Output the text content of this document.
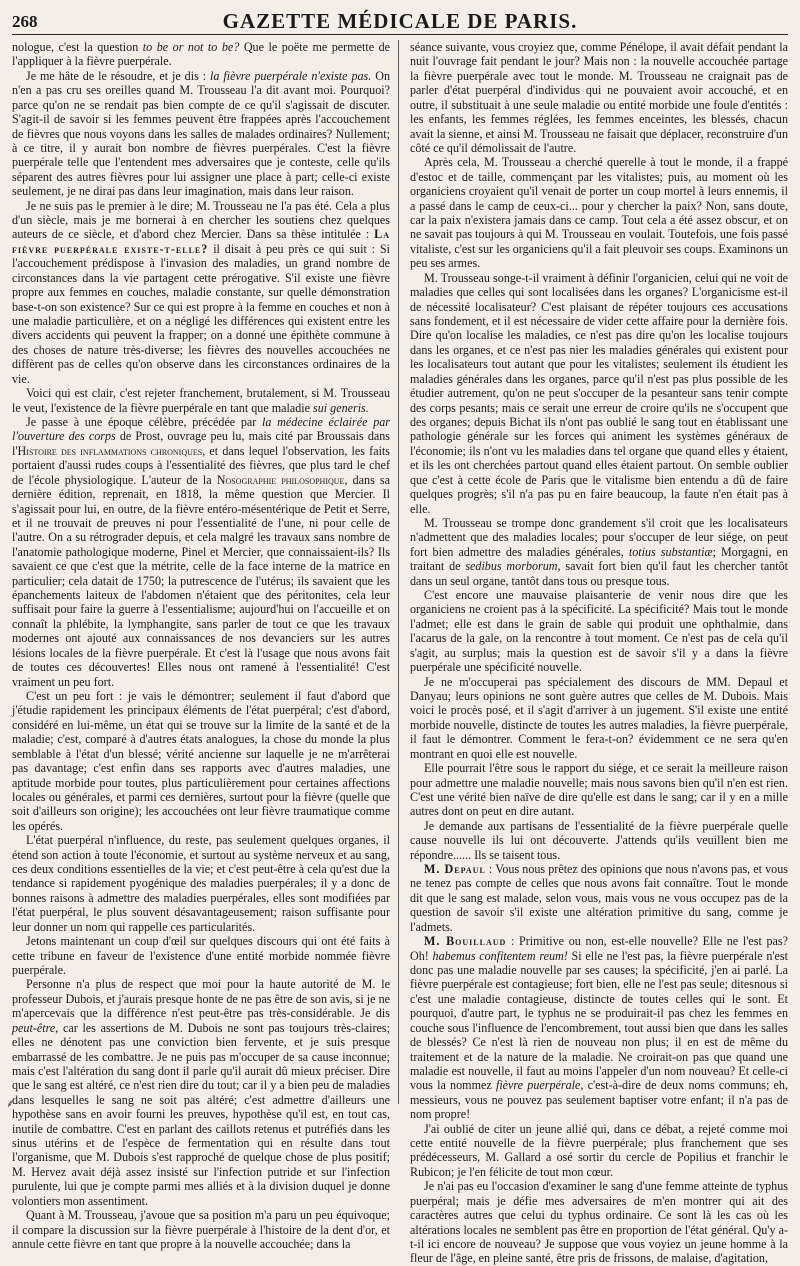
268	GAZETTE MÉDICALE DE PARIS.

nologue, c'est la question to be or not to be? Que le poëte me permette de l'appliquer à la fièvre puerpérale.

Je me hâte de le résoudre, et je dis : la fièvre puerpérale n'existe pas. On n'en a pas cru ses oreilles quand M. Trousseau l'a dit avant moi. Pourquoi? parce qu'on ne se rendait pas bien compte de ce qu'il s'agissait de discuter. S'agit-il de savoir si les femmes peuvent être frappées après l'accouchement de fièvres que nous voyons dans les salles de malades ordinaires? Nullement; à ce titre, il y aurait bon nombre de fièvres puerpérales. C'est la fièvre puerpérale telle que l'entendent mes adversaires que je conteste, celle qu'ils séparent des autres fièvres pour lui assigner une place à part; celle-ci existe seulement, je ne dirai pas dans leur imagination, mais dans leur raison.

Je ne suis pas le premier à le dire; M. Trousseau ne l'a pas été. Cela a plus d'un siècle, mais je me bornerai à en chercher les soutiens chez quelques auteurs de ce siècle, et d'abord chez Mercier. Dans sa thèse intitulée : La fièvre puerpérale existe-t-elle? il disait à peu près ce qui suit : Si l'accouchement prédispose à l'invasion des maladies, un grand nombre de circonstances dans la vie partagent cette prérogative. S'il existe une fièvre propre aux femmes en couches, maladie constante, sur quelle démonstration base-t-on son existence? Sur ce qui est propre à la femme en couches et non à une maladie particulière, et on a négligé les différences qui existent entre les divers accidents qui peuvent la frapper; on a donné une épithète commune à des choses de nature très-diverse; les fièvres des nouvelles accouchées ne diffèrent pas de celles qu'on observe dans les circonstances ordinaires de la vie.

Voici qui est clair, c'est rejeter franchement, brutalement, si M. Trousseau le veut, l'existence de la fièvre puerpérale en tant que maladie sui generis.

Je passe à une époque célèbre, précédée par la médecine éclairée par l'ouverture des corps de Prost, ouvrage peu lu, mais cité par Broussais dans l'Histoire des inflammations chroniques, et dans lequel l'observation, les faits portaient d'aussi rudes coups à l'essentialité des fièvres, que plus tard le chef de l'école physiologique. L'auteur de la Nosographie philosophique, dans sa dernière édition, reprenait, en 1818, la même question que Mercier. Il s'agissait pour lui, en outre, de la fièvre entéro-mésentérique de Petit et Serre, et il ne trouvait de preuves ni pour l'essentialité de l'une, ni pour celle de l'autre. On a su rétrograder depuis, et cela malgré les travaux sans nombre de l'anatomie pathologique moderne, Pinel et Mercier, que connaissaient-ils? Ils savaient ce que c'est que la métrite, celle de la face interne de la matrice en particulier; cela datait de 1750; la putrescence de l'utérus; ils savaient que les épanchements laiteux de l'abdomen n'étaient que des péritonites, cela leur suffisait pour faire la guerre à l'essentialisme; aujourd'hui on l'accueille et on connaît la phlébite, la lymphangite, sans parler de tout ce que les travaux modernes ont ajouté aux connaissances de nos devanciers sur les autres lésions locales de la fièvre puerpérale. Et c'est là l'usage que nous avons fait de toutes ces découvertes! Elles nous ont ramené à l'essentialité! C'est vraiment un peu fort.

C'est un peu fort : je vais le démontrer; seulement il faut d'abord que j'étudie rapidement les principaux éléments de l'état puerpéral; c'est d'abord, considéré en lui-même, un état qui se trouve sur la limite de la santé et de la maladie; c'est, comparé à d'autres états analogues, la chose du monde la plus semblable à l'état d'un blessé; vérité ancienne sur laquelle je ne m'arrêterai pas davantage; c'est enfin dans ses rapports avec d'autres maladies, une aptitude morbide pour toutes, plus particulièrement pour certaines affections locales ou générales, et parmi ces dernières, surtout pour la fièvre (quelle que soit d'ailleurs son origine); les accouchées ont leur fièvre traumatique comme les opérés.

L'état puerpéral n'influence, du reste, pas seulement quelques organes, il étend son action à toute l'économie, et surtout au système nerveux et au sang, ces deux conditions essentielles de la vie; et c'est peut-être à cela qu'est due la tendance si rapidement pyogénique des maladies puerpérales; il y a donc de bonnes raisons à admettre des maladies puerpérales, elles sont modifiées par l'état puerpéral, le plus souvent désavantageusement; raison suffisante pour leur donner un nom qui rappelle ces particularités.

Jetons maintenant un coup d'œil sur quelques discours qui ont été faits à cette tribune en faveur de l'existence d'une entité morbide nommée fièvre puerpérale.

Personne n'a plus de respect que moi pour la haute autorité de M. le professeur Dubois, et j'aurais presque honte de ne pas être de son avis, si je ne m'apercevais que la différence n'est peut-être pas très-considérable. Je dis peut-être, car les assertions de M. Dubois ne sont pas toujours très-claires; elles ne dénotent pas une conviction bien fervente, et je suis presque embarrassé de les combattre. Je ne puis pas m'occuper de sa cause inconnue; mais c'est l'altération du sang dont il parle qu'il aurait dû mieux préciser. Dire que le sang est altéré, ce n'est rien dire du tout; car il y a bien peu de maladies dans lesquelles le sang ne soit pas altéré; c'est admettre d'ailleurs une hypothèse sans en avoir fourni les preuves, hypothèse qu'il est, en tout cas, inutile de combattre. C'est en parlant des caillots retenus et putréfiés dans les sinus utérins et de l'espèce de fermentation qui en résulte dans tout l'organisme, que M. Dubois s'est rapproché de quelque chose de plus positif; M. Hervez avait déjà assez insisté sur l'infection putride et sur l'infection purulente, lui que je compte parmi mes alliés et à la division duquel je donne volontiers mon assentiment.

Quant à M. Trousseau, j'avoue que sa position m'a paru un peu équivoque; il compare la discussion sur la fièvre puerpérale à l'histoire de la dent d'or, et annule cette fièvre en tant que propre à la nouvelle accouchée; dans la

séance suivante, vous croyiez que, comme Pénélope, il avait défait pendant la nuit l'ouvrage fait pendant le jour? Mais non : la nouvelle accouchée partage la fièvre puerpérale avec tout le monde. M. Trousseau ne craignait pas de parler d'état puerpéral d'individus qui ne pouvaient avoir accouché, et en outre, il substituait à une seule maladie ou entité morbide une foule d'entités : les enfants, les femmes réglées, les femmes enceintes, les blessés, chacun avait la sienne, et ainsi M. Trousseau ne faisait que déplacer, reconstruire d'un côté ce qu'il démolissait de l'autre.

Après cela, M. Trousseau a cherché querelle à tout le monde, il a frappé d'estoc et de taille, commençant par les vitalistes; puis, au moment où les organiciens croyaient qu'il venait de porter un coup mortel à leurs ennemis, il a passé dans le camp de ceux-ci... pour y chercher la paix? Non, sans doute, car la paix n'existera jamais dans ce camp. Tout cela a été assez obscur, et on ne savait pas toujours à qui M. Trousseau en voulait. Toutefois, une fois passé vitaliste, c'est sur les organiciens qu'il a fait pleuvoir ses coups. Examinons un peu ses armes.

M. Trousseau songe-t-il vraiment à définir l'organicien, celui qui ne voit de maladies que celles qui sont localisées dans les organes? L'organicisme est-il de nécessité localisateur? C'est plaisant de répéter toujours ces accusations sans fondement, et il est nécessaire de vider cette affaire pour la dernière fois. Dire qu'on localise les maladies, ce n'est pas dire qu'on les localise toujours dans les organes, et ce n'est pas nier les maladies générales qui existent pour les localisateurs tout autant que pour les vitalistes; seulement ils étudient les maladies générales dans les organes, parce qu'il n'est pas plus possible de les étudier autrement, qu'on ne peut s'occuper de la pesanteur sans tenir compte des corps pesants; mais ce serait une erreur de croire qu'ils ne s'occupent que des organes; depuis Bichat ils n'ont pas oublié le sang tout en établissant une pathologie générale sur les forces qui animent les systèmes généraux de l'économie; ils n'ont vu les maladies dans tel organe que quand elles y étaient, et ils les ont cherchées partout quand elles étaient partout. On semble oublier que c'est à cette école de Paris que le vitalisme bien entendu a dû de faire quelques progrès; s'il n'a pas pu en faire beaucoup, la faute n'en était pas à elle.

M. Trousseau se trompe donc grandement s'il croit que les localisateurs n'admettent que des maladies locales; pour s'occuper de leur siége, on peut fort bien admettre des maladies générales, totius substantiæ; Morgagni, en traitant de sedibus morborum, savait fort bien qu'il faut les chercher tantôt dans un seul organe, tantôt dans tous ou presque tous.

C'est encore une mauvaise plaisanterie de venir nous dire que les organiciens ne croient pas à la spécificité. La spécificité? Mais tout le monde l'admet; elle est dans le grain de sable qui produit une ophthalmie, dans l'acarus de la gale, on la rencontre à tout moment. Ce n'est pas de cela qu'il s'agit, au surplus; mais la question est de savoir s'il y a dans la fièvre puerpérale une spécificité nouvelle.

Je ne m'occuperai pas spécialement des discours de MM. Depaul et Danyau; leurs opinions ne sont guère autres que celles de M. Dubois. Mais voici le procès posé, et il s'agit d'arriver à un jugement. S'il existe une entité morbide nouvelle, distincte de toutes les autres maladies, la fièvre puerpérale, il faut le démontrer. Comment le fera-t-on? évidemment ce ne sera qu'en montrant en quoi elle est nouvelle.

Elle pourrait l'être sous le rapport du siége, et ce serait la meilleure raison pour admettre une maladie nouvelle; mais nous savons bien qu'il n'en est rien. C'est une vérité bien naïve de dire qu'elle est dans le sang; car il y en a mille autres dont on peut en dire autant.

Je demande aux partisans de l'essentialité de la fièvre puerpérale quelle cause nouvelle ils lui ont découverte. J'attends qu'ils veuillent bien me répondre...... Ils se taisent tous.

M. Depaul : Vous nous prêtez des opinions que nous n'avons pas, et vous ne tenez pas compte de celles que nous avons fait connaître. Tout le monde dit que le sang est malade, selon vous, mais vous ne vous occupez pas de la question de savoir s'il existe une altération primitive du sang, comme je l'admets.

M. Bouillaud : Primitive ou non, est-elle nouvelle? Elle ne l'est pas? Oh! habemus confitentem reum! Si elle ne l'est pas, la fièvre puerpérale n'est donc pas une maladie nouvelle par ses causes; la spécificité, j'en ai parlé. La fièvre puerpérale est contagieuse; fort bien, elle ne l'est pas seule; ditesnous si c'est une maladie contagieuse, distincte de toutes celles qui le sont. Et pourquoi, d'autre part, le typhus ne se produirait-il pas chez les femmes en couche sous l'influence de l'encombrement, tout aussi bien que dans les salles de blessés? Ce n'est là rien de nouveau non plus; il en est de même du traitement et de la nature de la maladie. Ne croirait-on pas que quand une maladie est nouvelle, il faut au moins l'appeler d'un nom nouveau? Et celle-ci vous la nommez fièvre puerpérale, c'est-à-dire de deux noms communs; eh, messieurs, vous ne pouvez pas seulement baptiser votre enfant; il n'a pas de nom propre!

J'ai oublié de citer un jeune allié qui, dans ce débat, a rejeté comme moi cette entité nouvelle de la fièvre puerpérale; plus franchement que ses prédécesseurs, M. Gallard a osé sortir du cercle de Popilius et franchir le Rubicon; je l'en félicite de tout mon cœur.

Je n'ai pas eu l'occasion d'examiner le sang d'une femme atteinte de typhus puerpéral; mais je défie mes adversaires de m'en montrer qui ait des caractères autres que celui du typhus ordinaire. Ce sont là les cas où les altérations locales ne semblent pas être en proportion de l'état général. Qu'y a-t-il ici encore de nouveau? Je suppose que vous voyiez un jeune homme à la fleur de l'âge, en pleine santé, être pris de frissons, de malaise, d'agitation,

⸙
